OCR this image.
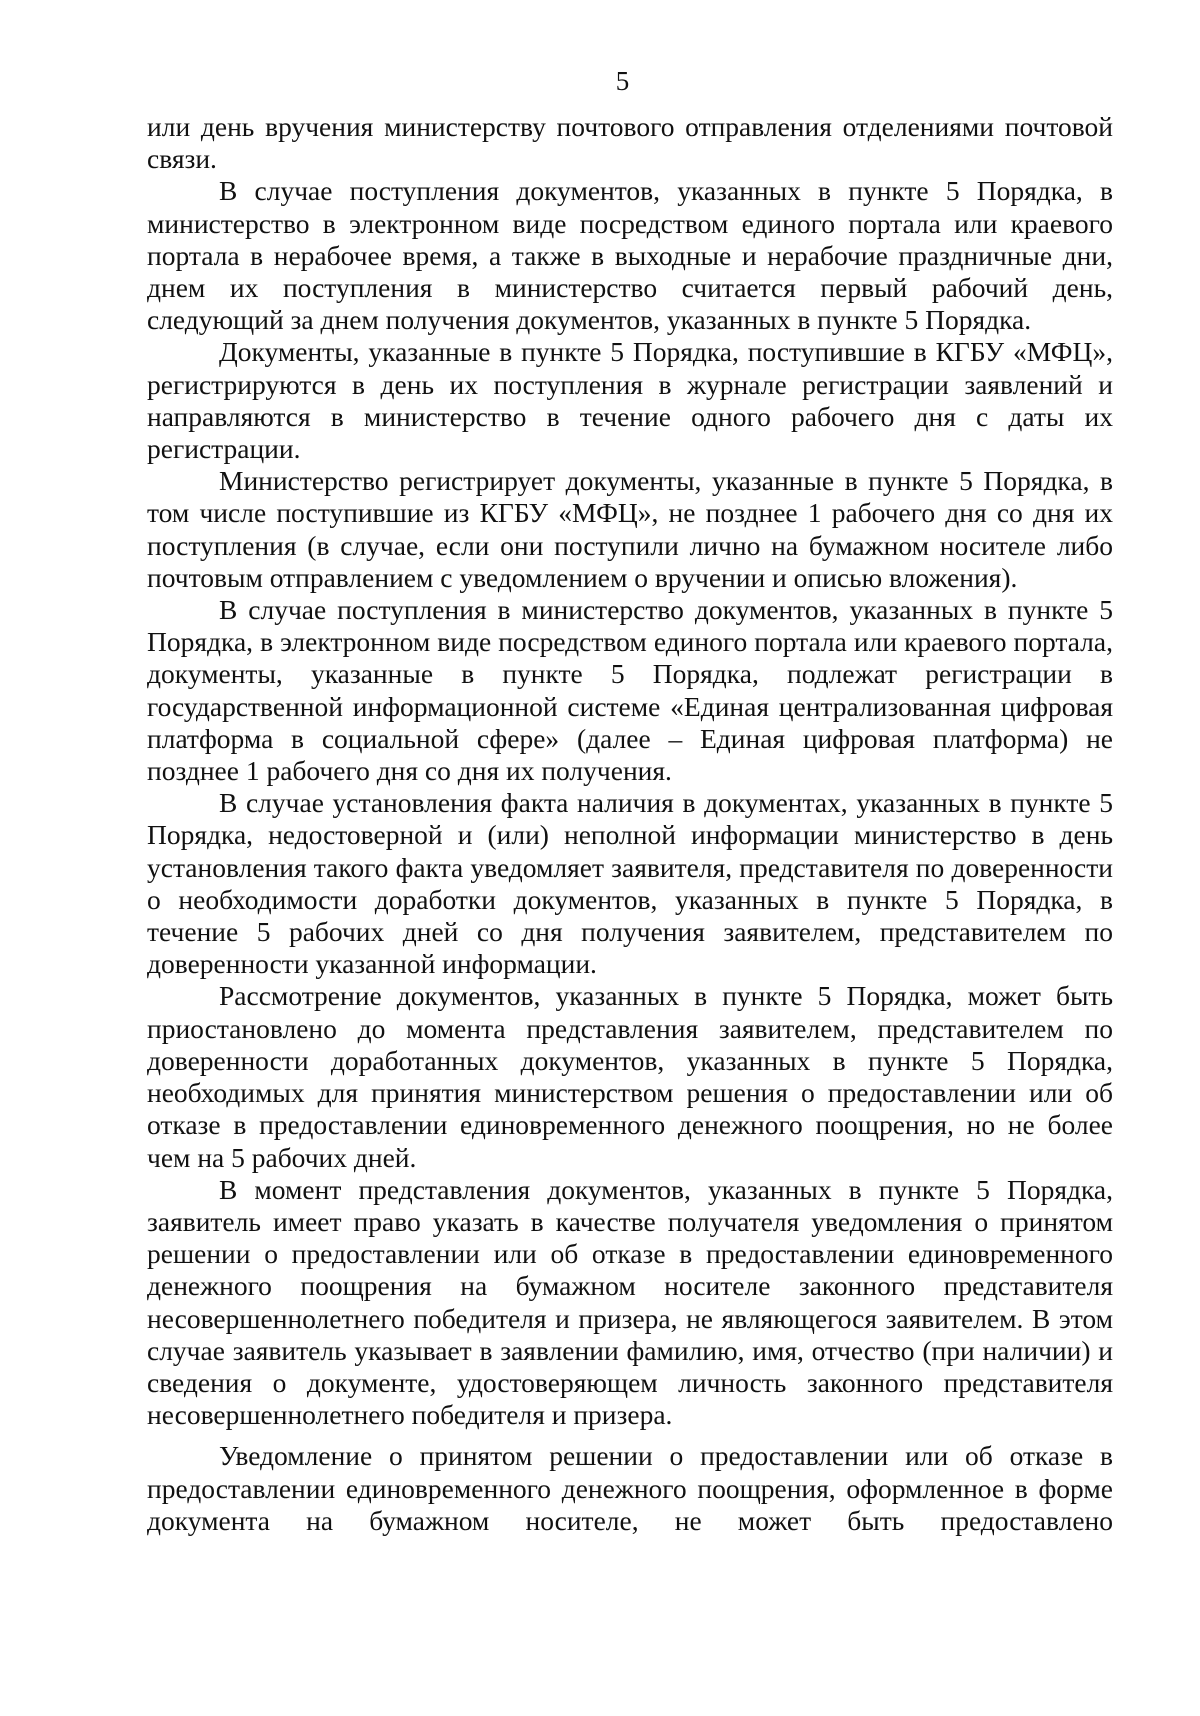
5

или день вручения министерству почтового отправления отделениями почтовой связи.

В случае поступления документов, указанных в пункте 5 Порядка, в министерство в электронном виде посредством единого портала или краевого портала в нерабочее время, а также в выходные и нерабочие праздничные дни, днем их поступления в министерство считается первый рабочий день, следующий за днем получения документов, указанных в пункте 5 Порядка.

Документы, указанные в пункте 5 Порядка, поступившие в КГБУ «МФЦ», регистрируются в день их поступления в журнале регистрации заявлений и направляются в министерство в течение одного рабочего дня с даты их регистрации.

Министерство регистрирует документы, указанные в пункте 5 Порядка, в том числе поступившие из КГБУ «МФЦ», не позднее 1 рабочего дня со дня их поступления (в случае, если они поступили лично на бумажном носителе либо почтовым отправлением с уведомлением о вручении и описью вложения).

В случае поступления в министерство документов, указанных в пункте 5 Порядка, в электронном виде посредством единого портала или краевого портала, документы, указанные в пункте 5 Порядка, подлежат регистрации в государственной информационной системе «Единая централизованная цифровая платформа в социальной сфере» (далее – Единая цифровая платформа) не позднее 1 рабочего дня со дня их получения.

В случае установления факта наличия в документах, указанных в пункте 5 Порядка, недостоверной и (или) неполной информации министерство в день установления такого факта уведомляет заявителя, представителя по доверенности о необходимости доработки документов, указанных в пункте 5 Порядка, в течение 5 рабочих дней со дня получения заявителем, представителем по доверенности указанной информации.

Рассмотрение документов, указанных в пункте 5 Порядка, может быть приостановлено до момента представления заявителем, представителем по доверенности доработанных документов, указанных в пункте 5 Порядка, необходимых для принятия министерством решения о предоставлении или об отказе в предоставлении единовременного денежного поощрения, но не более чем на 5 рабочих дней.

В момент представления документов, указанных в пункте 5 Порядка, заявитель имеет право указать в качестве получателя уведомления о принятом решении о предоставлении или об отказе в предоставлении единовременного денежного поощрения на бумажном носителе законного представителя несовершеннолетнего победителя и призера, не являющегося заявителем. В этом случае заявитель указывает в заявлении фамилию, имя, отчество (при наличии) и сведения о документе, удостоверяющем личность законного представителя несовершеннолетнего победителя и призера.

Уведомление о принятом решении о предоставлении или об отказе в предоставлении единовременного денежного поощрения, оформленное в форме документа на бумажном носителе, не может быть предоставлено
